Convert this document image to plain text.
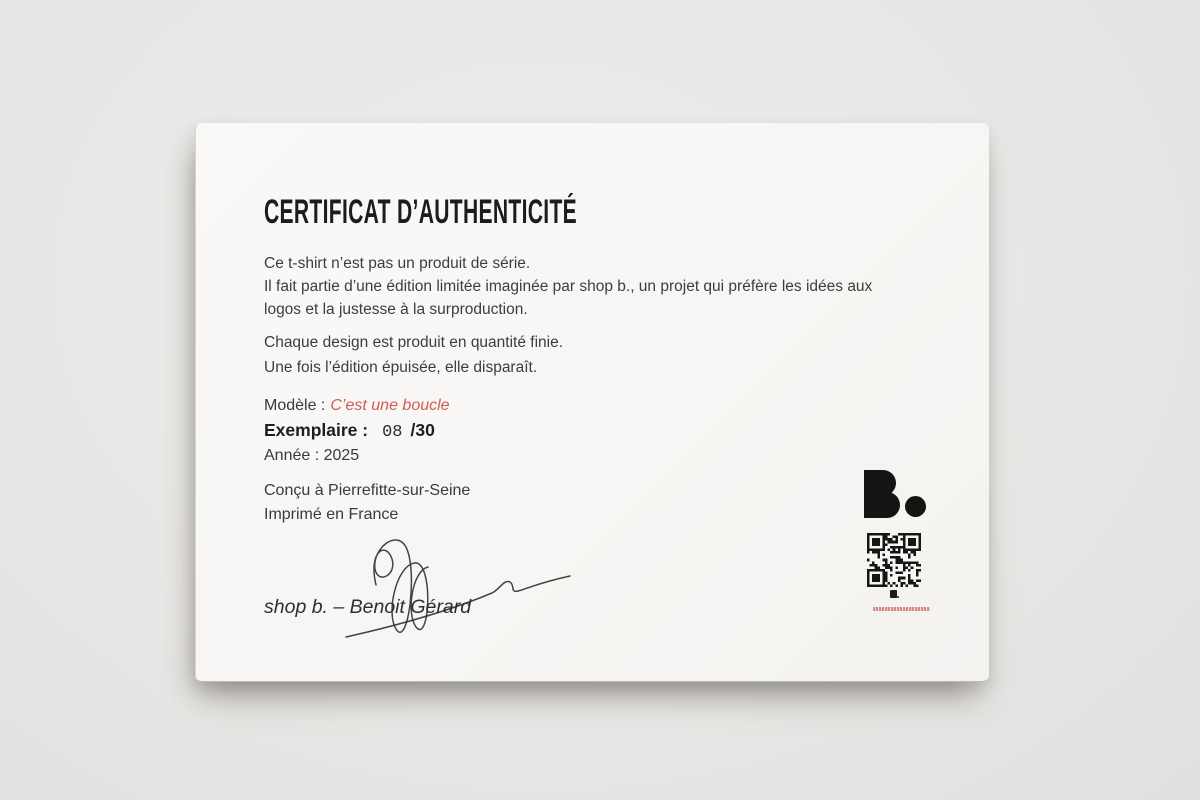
CERTIFICAT D’AUTHENTICITÉ
Ce t-shirt n’est pas un produit de série.
Il fait partie d’une édition limitée imaginée par shop b., un projet qui préfère les idées aux
logos et la justesse à la surproduction.
Chaque design est produit en quantité finie.
Une fois l’édition épuisée, elle disparaît.
Modèle : C’est une boucle
Exemplaire : 08 /30
Année : 2025
Conçu à Pierrefitte-sur-Seine
Imprimé en France
shop b. – Benoit Gérard
